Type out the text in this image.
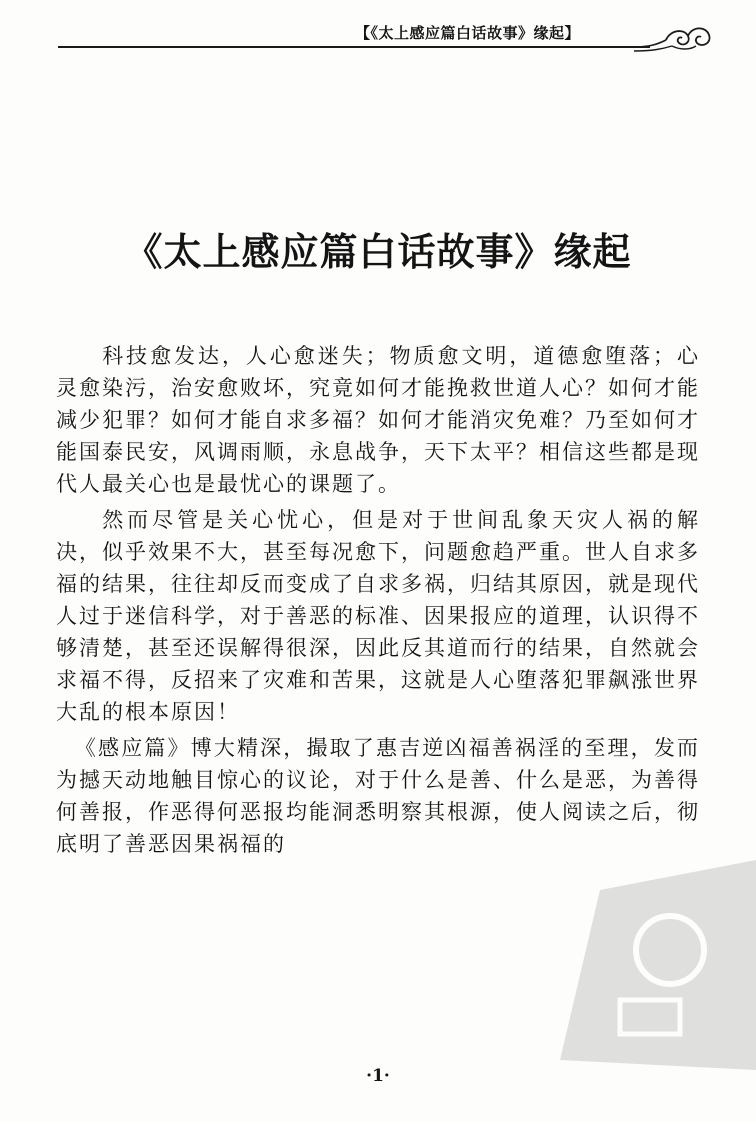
【《太上感应篇白话故事》缘起】
《太上感应篇白话故事》缘起

科技愈发达，人心愈迷失；物质愈文明，道德愈堕落；心灵愈染污，治安愈败坏，究竟如何才能挽救世道人心？如何才能减少犯罪？如何才能自求多福？如何才能消灾免难？乃至如何才能国泰民安，风调雨顺，永息战争，天下太平？相信这些都是现代人最关心也是最忧心的课题了。

然而尽管是关心忧心，但是对于世间乱象天灾人祸的解决，似乎效果不大，甚至每况愈下，问题愈趋严重。世人自求多福的结果，往往却反而变成了自求多祸，归结其原因，就是现代人过于迷信科学，对于善恶的标准、因果报应的道理，认识得不够清楚，甚至还误解得很深，因此反其道而行的结果，自然就会求福不得，反招来了灾难和苦果，这就是人心堕落犯罪飙涨世界大乱的根本原因！

《感应篇》博大精深，撮取了惠吉逆凶福善祸淫的至理，发而为撼天动地触目惊心的议论，对于什么是善、什么是恶，为善得何善报，作恶得何恶报均能洞悉明察其根源，使人阅读之后，彻底明了善恶因果祸福的

·1·
